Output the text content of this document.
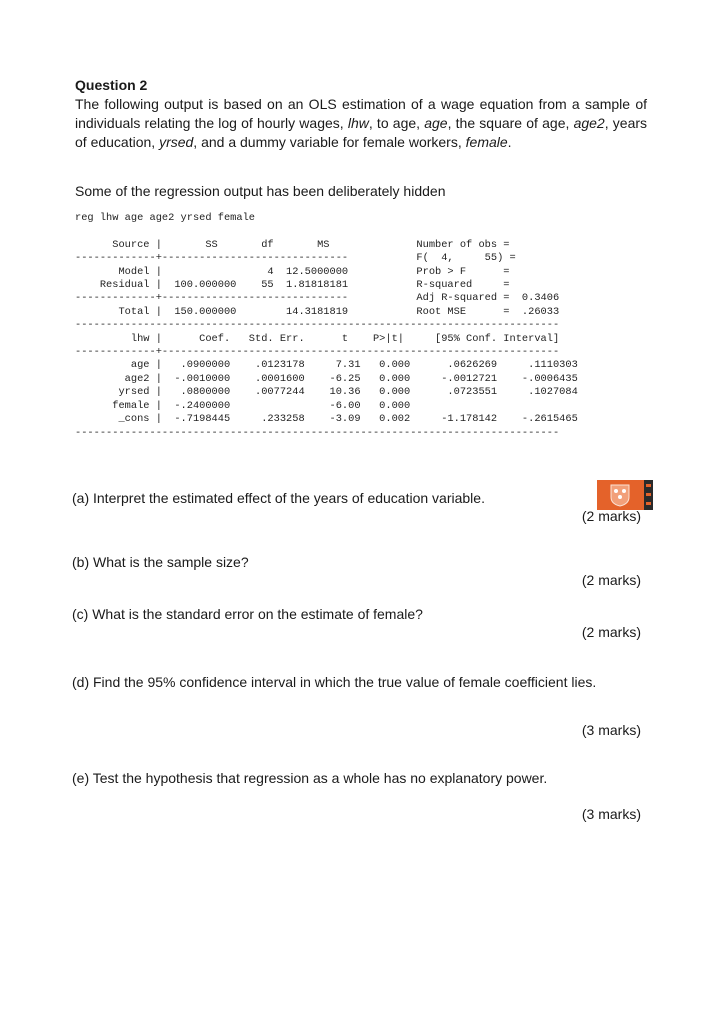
Question 2
The following output is based on an OLS estimation of a wage equation from a sample of individuals relating the log of hourly wages, lhw, to age, age, the square of age, age2, years of education, yrsed, and a dummy variable for female workers, female.
Some of the regression output has been deliberately hidden
reg lhw age age2 yrsed female

Source |       SS       df       MS              Number of obs =
-------------+------------------------------           F(  4,     55) =
Model |                 4  12.5000000           Prob > F      =
Residual |  100.000000    55  1.81818181           R-squared     =
-------------+------------------------------           Adj R-squared =  0.3406
Total |  150.000000        14.3181819           Root MSE      =  .26033
------------------------------------------------------------------------------
lhw |      Coef.   Std. Err.      t    P>|t|     [95% Conf. Interval]
-------------+----------------------------------------------------------------
age |   .0900000    .0123178     7.31   0.000      .0626269     .1110303
age2 |  -.0010000    .0001600    -6.25   0.000     -.0012721    -.0006435
yrsed |   .0800000    .0077244    10.36   0.000      .0723551     .1027084
female |  -.2400000                -6.00   0.000
_cons |  -.7198445     .233258    -3.09   0.002     -1.178142    -.2615465
------------------------------------------------------------------------------
(a) Interpret the estimated effect of the years of education variable.
(2 marks)
(b) What is the sample size?
(2 marks)
(c) What is the standard error on the estimate of female?
(2 marks)
(d) Find the 95% confidence interval in which the true value of female coefficient lies.
(3 marks)
(e) Test the hypothesis that regression as a whole has no explanatory power.
(3 marks)
